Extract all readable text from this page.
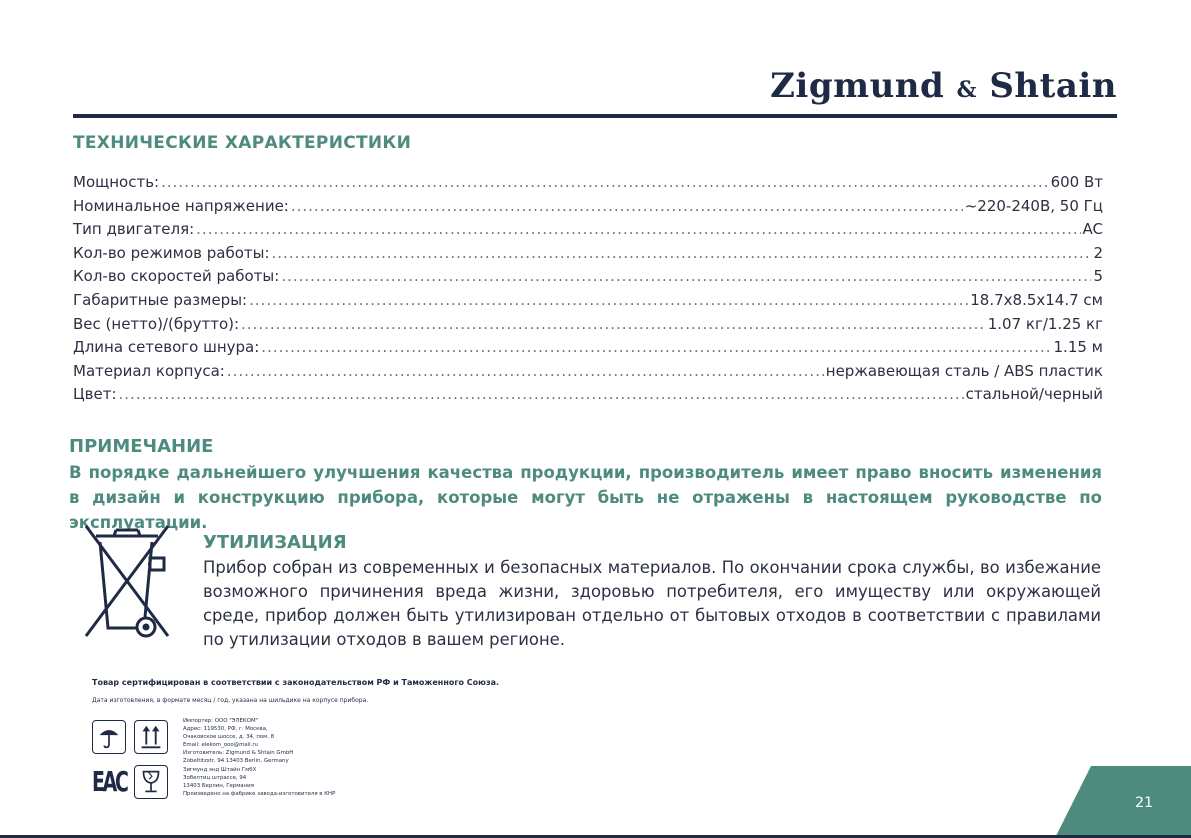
Zigmund & Shtain
ТЕХНИЧЕСКИЕ ХАРАКТЕРИСТИКИ
Мощность: .....	600 Вт
Номинальное напряжение: .....	~220-240В, 50 Гц
Тип двигателя: .....	AC
Кол-во режимов работы: .....	2
Кол-во скоростей работы: .....	5
Габаритные размеры: .....	18.7x8.5x14.7 см
Вес (нетто)/(брутто): .....	1.07 кг/1.25 кг
Длина сетевого шнура: .....	1.15 м
Материал корпуса: .....	нержавеющая сталь / ABS пластик
Цвет: .....	стальной/черный
ПРИМЕЧАНИЕ

В порядке дальнейшего улучшения качества продукции, производитель имеет право вносить изменения в дизайн и конструкцию прибора, которые могут быть не отражены в настоящем руководстве по эксплуатации.

УТИЛИЗАЦИЯ

Прибор собран из современных и безопасных материалов. По окончании срока службы, во избежание возможного причинения вреда жизни, здоровью потребителя, его имуществу или окружающей среде, прибор должен быть утилизирован отдельно от бытовых отходов в соответствии с правилами по утилизации отходов в вашем регионе.

Товар сертифицирован в соответствии с законодательством РФ и Таможенного Союза.

Дата изготовления, в формате месяц / год, указана на шильдике на корпусе прибора.

EAC
Импортер: ООО "ЭЛЕКОМ"
Адрес: 119530, РФ, г. Москва,
Очаковское шоссе, д. 34, пом. 8
Email: elekom_ooo@mail.ru
Изготовитель: Zigmund & Shtain GmbH
Zobeltitzstr, 94 13403 Berlin, Germany
Зигмунд энд Штайн ГмбХ
Зобелтиц штрассе, 94
13403 Берлин, Германия
Произведено на фабрике завода-изготовителя в КНР
21
